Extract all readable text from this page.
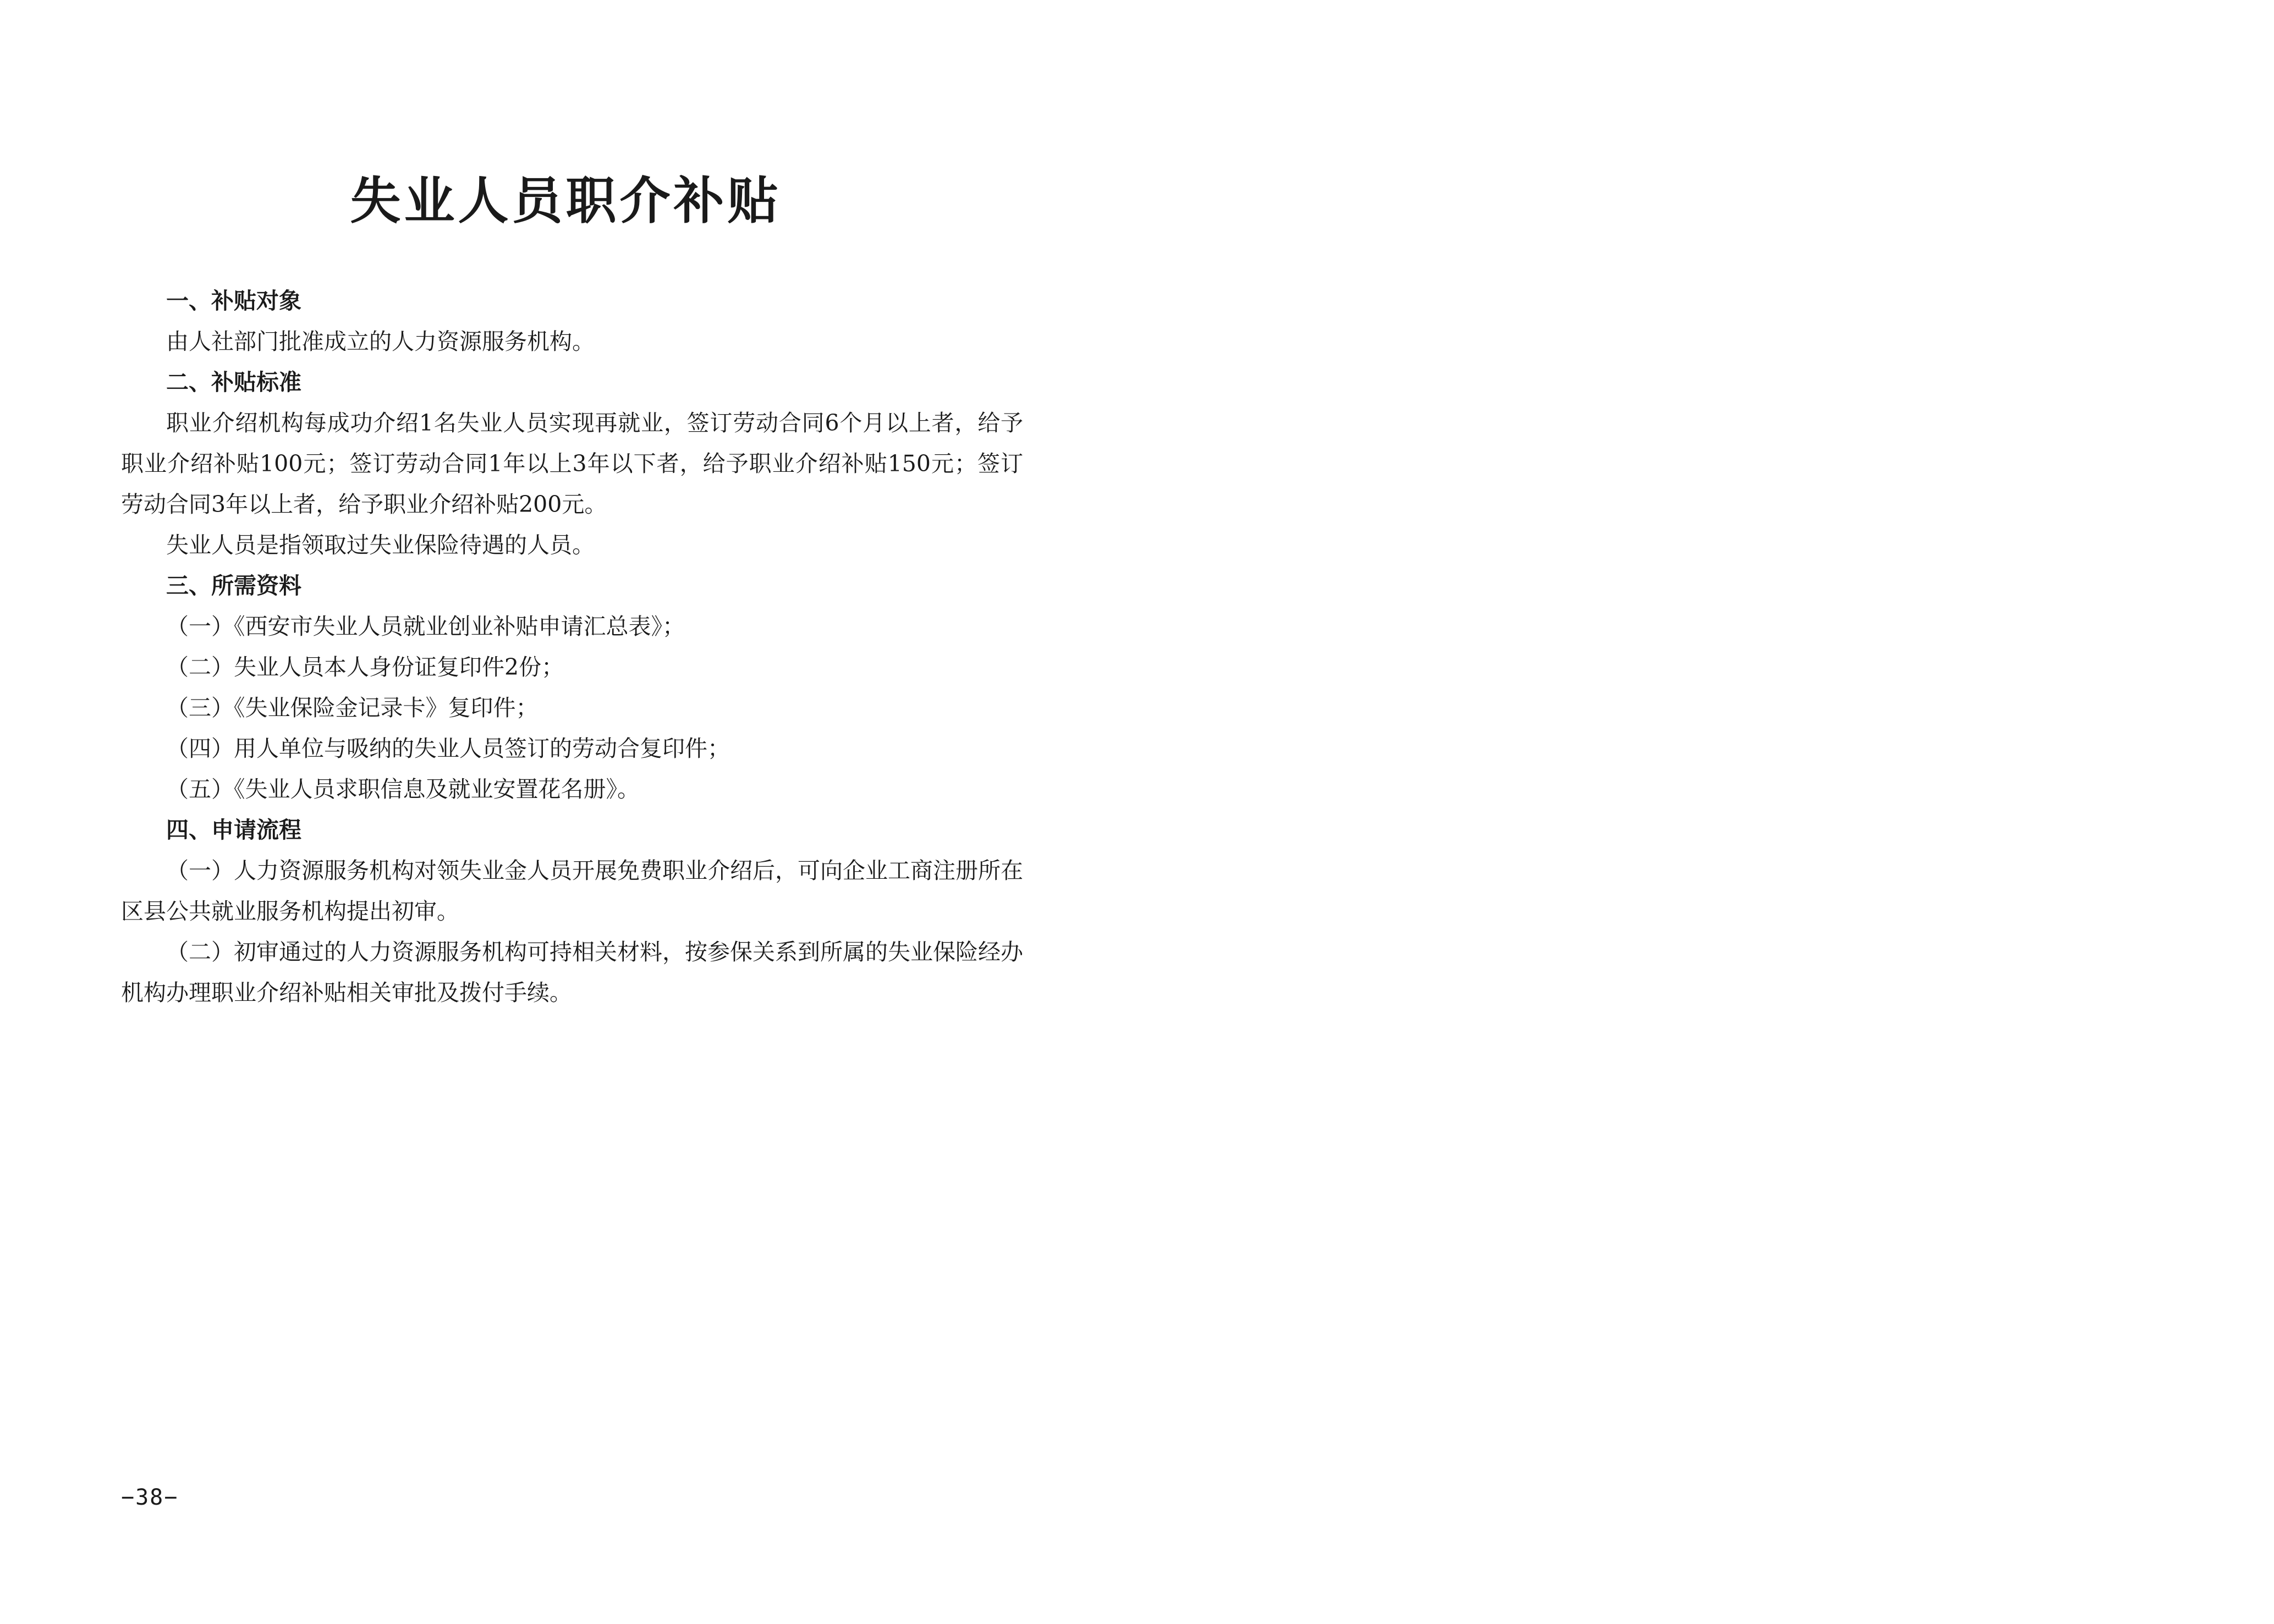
失业人员职介补贴

一、补贴对象

由人社部门批准成立的人力资源服务机构。

二、补贴标准

职业介绍机构每成功介绍1名失业人员实现再就业，签订劳动合同6个月以上者，给予职业介绍补贴100元；签订劳动合同1年以上3年以下者，给予职业介绍补贴150元；签订劳动合同3年以上者，给予职业介绍补贴200元。

失业人员是指领取过失业保险待遇的人员。

三、所需资料

（一）《西安市失业人员就业创业补贴申请汇总表》；

（二）失业人员本人身份证复印件2份；

（三）《失业保险金记录卡》复印件；

（四）用人单位与吸纳的失业人员签订的劳动合复印件；

（五）《失业人员求职信息及就业安置花名册》。

四、申请流程

（一）人力资源服务机构对领失业金人员开展免费职业介绍后，可向企业工商注册所在区县公共就业服务机构提出初审。

（二）初审通过的人力资源服务机构可持相关材料，按参保关系到所属的失业保险经办机构办理职业介绍补贴相关审批及拨付手续。

−38−
